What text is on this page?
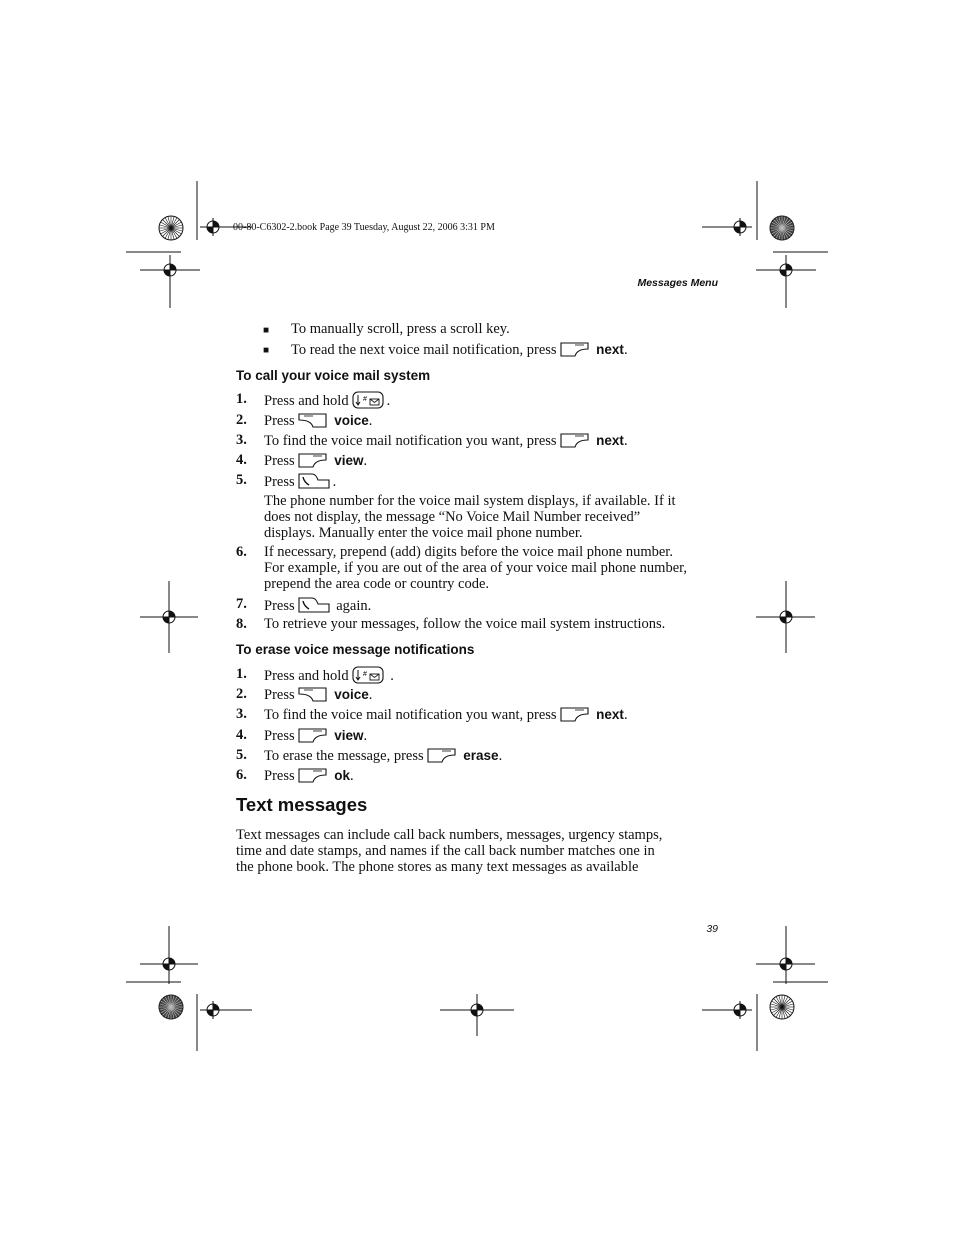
00-80-C6302-2.book Page 39 Tuesday, August 22, 2006 3:31 PM
Messages Menu
■ To manually scroll, press a scroll key.
■ To read the next voice mail notification, press	next.
To call your voice mail system
1. Press and hold # .
2. Press	voice.
3. To find the voice mail notification you want, press	next.
4. Press	view.
5. Press	.
The phone number for the voice mail system displays, if available. If it
does not display, the message “No Voice Mail Number received”
displays. Manually enter the voice mail phone number.
6. If necessary, prepend (add) digits before the voice mail phone number.
For example, if you are out of the area of your voice mail phone number,
prepend the area code or country code.
7. Press	again.
8. To retrieve your messages, follow the voice mail system instructions.
To erase voice message notifications
1. Press and hold # .
2. Press	voice.
3. To find the voice mail notification you want, press	next.
4. Press	view.
5. To erase the message, press	erase.
6. Press	ok.
Text messages
Text messages can include call back numbers, messages, urgency stamps,
time and date stamps, and names if the call back number matches one in
the phone book. The phone stores as many text messages as available
39
